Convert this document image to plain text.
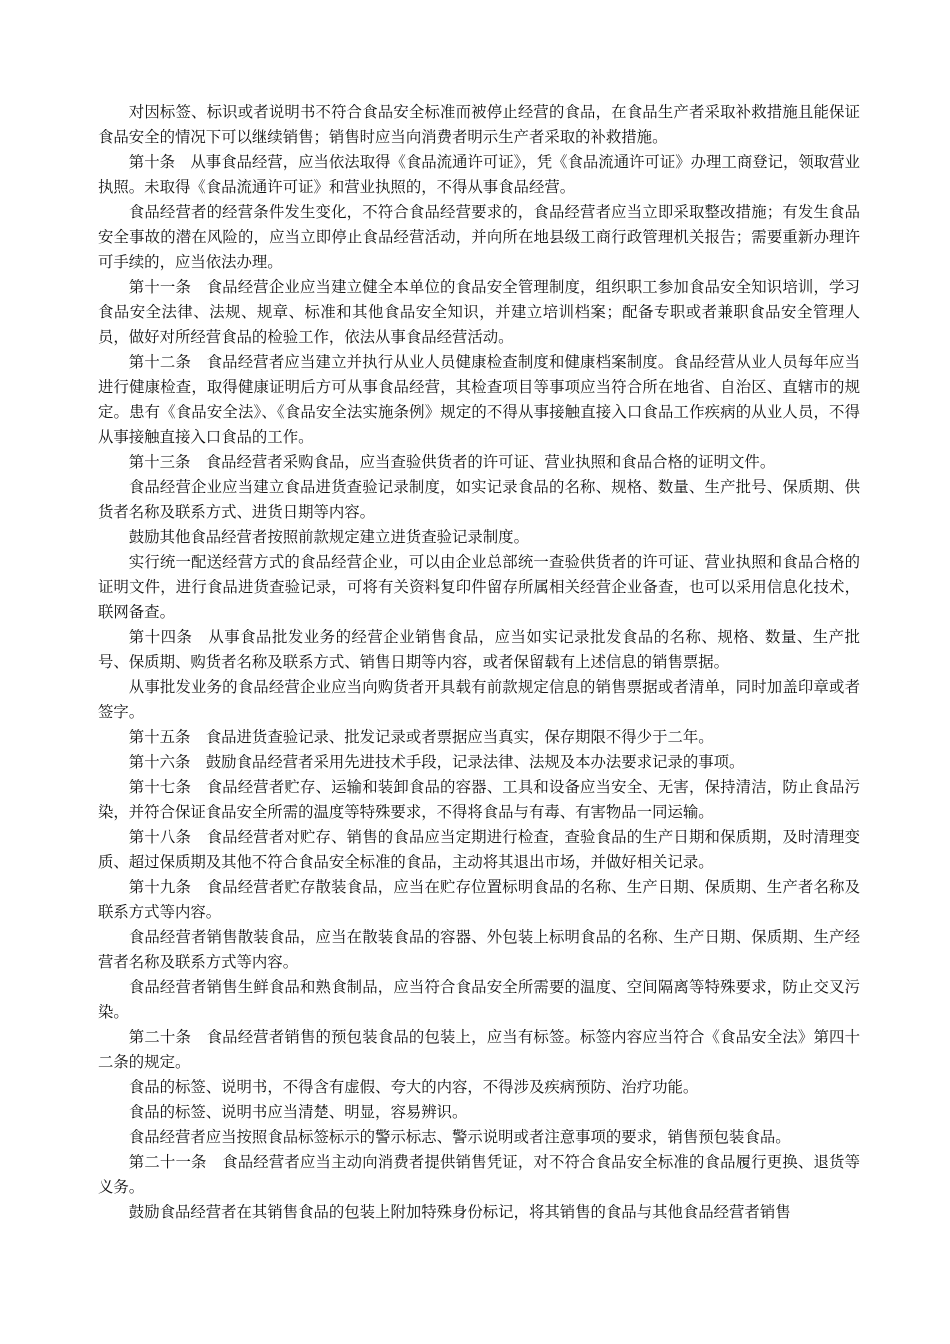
对因标签、标识或者说明书不符合食品安全标准而被停止经营的食品，在食品生产者采取补救措施且能保证食品安全的情况下可以继续销售；销售时应当向消费者明示生产者采取的补救措施。

第十条　从事食品经营，应当依法取得《食品流通许可证》，凭《食品流通许可证》办理工商登记，领取营业执照。未取得《食品流通许可证》和营业执照的，不得从事食品经营。

食品经营者的经营条件发生变化，不符合食品经营要求的，食品经营者应当立即采取整改措施；有发生食品安全事故的潜在风险的，应当立即停止食品经营活动，并向所在地县级工商行政管理机关报告；需要重新办理许可手续的，应当依法办理。

第十一条　食品经营企业应当建立健全本单位的食品安全管理制度，组织职工参加食品安全知识培训，学习食品安全法律、法规、规章、标准和其他食品安全知识，并建立培训档案；配备专职或者兼职食品安全管理人员，做好对所经营食品的检验工作，依法从事食品经营活动。

第十二条　食品经营者应当建立并执行从业人员健康检查制度和健康档案制度。食品经营从业人员每年应当进行健康检查，取得健康证明后方可从事食品经营，其检查项目等事项应当符合所在地省、自治区、直辖市的规定。患有《食品安全法》、《食品安全法实施条例》规定的不得从事接触直接入口食品工作疾病的从业人员，不得从事接触直接入口食品的工作。

第十三条　食品经营者采购食品，应当查验供货者的许可证、营业执照和食品合格的证明文件。

食品经营企业应当建立食品进货查验记录制度，如实记录食品的名称、规格、数量、生产批号、保质期、供货者名称及联系方式、进货日期等内容。

鼓励其他食品经营者按照前款规定建立进货查验记录制度。

实行统一配送经营方式的食品经营企业，可以由企业总部统一查验供货者的许可证、营业执照和食品合格的证明文件，进行食品进货查验记录，可将有关资料复印件留存所属相关经营企业备查，也可以采用信息化技术，联网备查。

第十四条　从事食品批发业务的经营企业销售食品，应当如实记录批发食品的名称、规格、数量、生产批号、保质期、购货者名称及联系方式、销售日期等内容，或者保留载有上述信息的销售票据。

从事批发业务的食品经营企业应当向购货者开具载有前款规定信息的销售票据或者清单，同时加盖印章或者签字。

第十五条　食品进货查验记录、批发记录或者票据应当真实，保存期限不得少于二年。

第十六条　鼓励食品经营者采用先进技术手段，记录法律、法规及本办法要求记录的事项。

第十七条　食品经营者贮存、运输和装卸食品的容器、工具和设备应当安全、无害，保持清洁，防止食品污染，并符合保证食品安全所需的温度等特殊要求，不得将食品与有毒、有害物品一同运输。

第十八条　食品经营者对贮存、销售的食品应当定期进行检查，查验食品的生产日期和保质期，及时清理变质、超过保质期及其他不符合食品安全标准的食品，主动将其退出市场，并做好相关记录。

第十九条　食品经营者贮存散装食品，应当在贮存位置标明食品的名称、生产日期、保质期、生产者名称及联系方式等内容。

食品经营者销售散装食品，应当在散装食品的容器、外包装上标明食品的名称、生产日期、保质期、生产经营者名称及联系方式等内容。

食品经营者销售生鲜食品和熟食制品，应当符合食品安全所需要的温度、空间隔离等特殊要求，防止交叉污染。

第二十条　食品经营者销售的预包装食品的包装上，应当有标签。标签内容应当符合《食品安全法》第四十二条的规定。

食品的标签、说明书，不得含有虚假、夸大的内容，不得涉及疾病预防、治疗功能。

食品的标签、说明书应当清楚、明显，容易辨识。

食品经营者应当按照食品标签标示的警示标志、警示说明或者注意事项的要求，销售预包装食品。

第二十一条　食品经营者应当主动向消费者提供销售凭证，对不符合食品安全标准的食品履行更换、退货等义务。

鼓励食品经营者在其销售食品的包装上附加特殊身份标记，将其销售的食品与其他食品经营者销售
